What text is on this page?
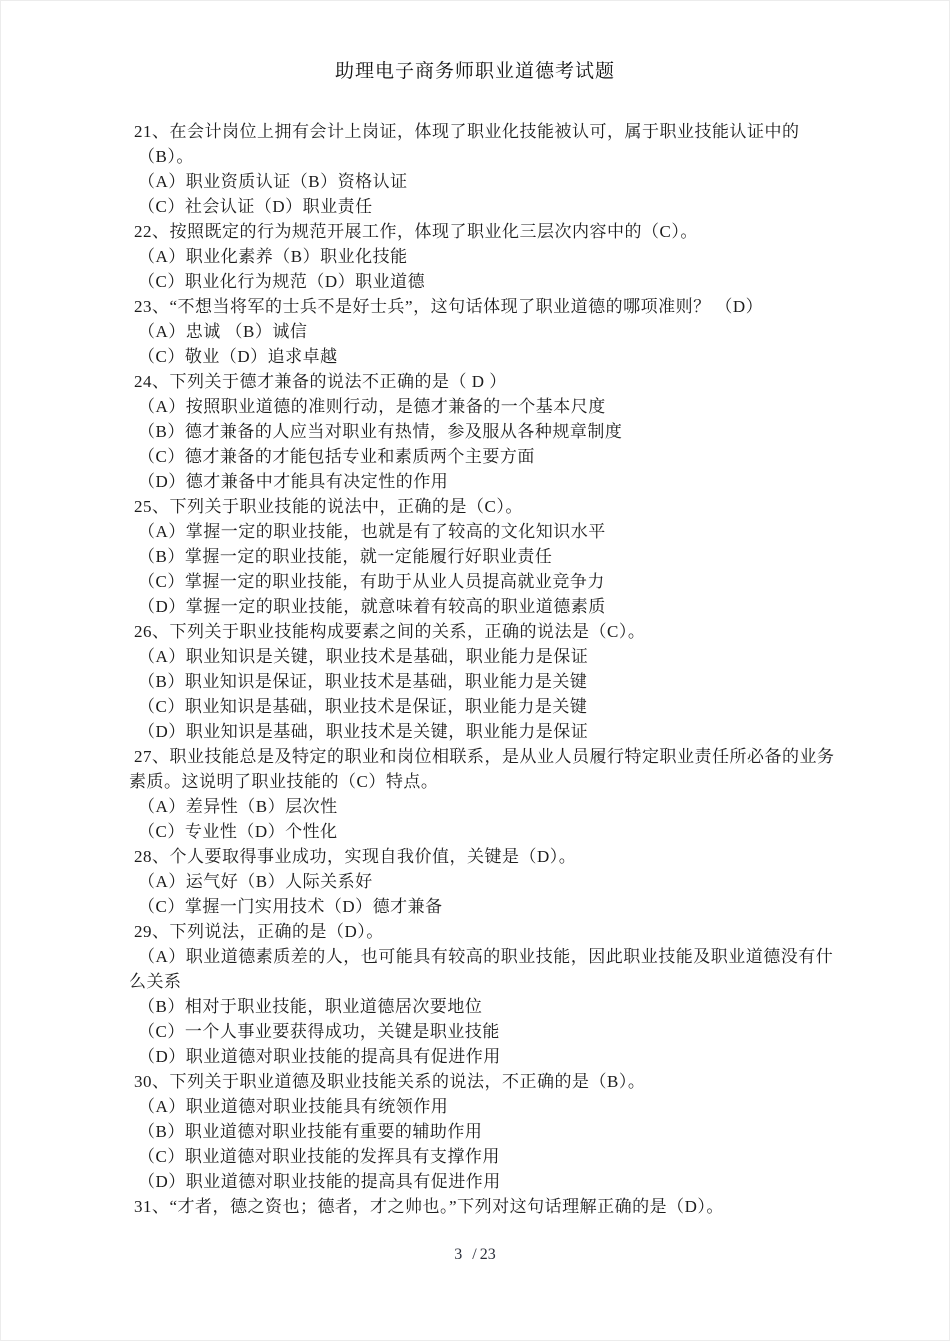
助理电子商务师职业道德考试题
21、在会计岗位上拥有会计上岗证，体现了职业化技能被认可，属于职业技能认证中的
（B）。
（A）职业资质认证（B）资格认证
（C）社会认证（D）职业责任
22、按照既定的行为规范开展工作，体现了职业化三层次内容中的（C）。
（A）职业化素养（B）职业化技能
（C）职业化行为规范（D）职业道德
23、“不想当将军的士兵不是好士兵”，这句话体现了职业道德的哪项准则？ （D）
（A）忠诚 （B）诚信
（C）敬业（D）追求卓越
24、下列关于德才兼备的说法不正确的是（ D ）
（A）按照职业道德的准则行动，是德才兼备的一个基本尺度
（B）德才兼备的人应当对职业有热情，参及服从各种规章制度
（C）德才兼备的才能包括专业和素质两个主要方面
（D）德才兼备中才能具有决定性的作用
25、下列关于职业技能的说法中，正确的是（C）。
（A）掌握一定的职业技能，也就是有了较高的文化知识水平
（B）掌握一定的职业技能，就一定能履行好职业责任
（C）掌握一定的职业技能，有助于从业人员提高就业竞争力
（D）掌握一定的职业技能，就意味着有较高的职业道德素质
26、下列关于职业技能构成要素之间的关系，正确的说法是（C）。
（A）职业知识是关键，职业技术是基础，职业能力是保证
（B）职业知识是保证，职业技术是基础，职业能力是关键
（C）职业知识是基础，职业技术是保证，职业能力是关键
（D）职业知识是基础，职业技术是关键，职业能力是保证
27、职业技能总是及特定的职业和岗位相联系，是从业人员履行特定职业责任所必备的业务
素质。这说明了职业技能的（C）特点。
（A）差异性（B）层次性
（C）专业性（D）个性化
28、个人要取得事业成功，实现自我价值，关键是（D）。
（A）运气好（B）人际关系好
（C）掌握一门实用技术（D）德才兼备
29、下列说法，正确的是（D）。
（A）职业道德素质差的人，也可能具有较高的职业技能，因此职业技能及职业道德没有什
么关系
（B）相对于职业技能，职业道德居次要地位
（C）一个人事业要获得成功，关键是职业技能
（D）职业道德对职业技能的提高具有促进作用
30、下列关于职业道德及职业技能关系的说法，不正确的是（B）。
（A）职业道德对职业技能具有统领作用
（B）职业道德对职业技能有重要的辅助作用
（C）职业道德对职业技能的发挥具有支撑作用
（D）职业道德对职业技能的提高具有促进作用
31、“才者，德之资也；德者，才之帅也。”下列对这句话理解正确的是（D）。
3 / 23
